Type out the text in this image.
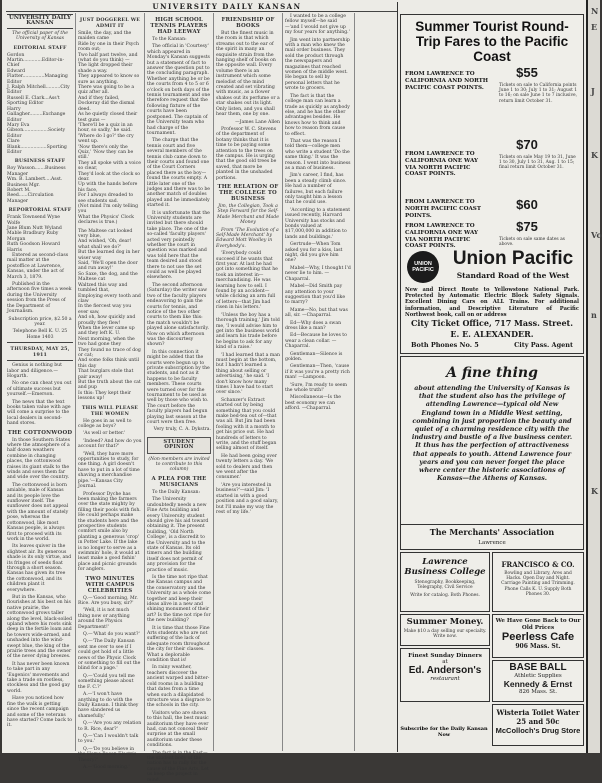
UNIVERSITY DAILY KANSAN
UNIVERSITY DAILY KANSAN

The official paper of the University of Kansas

EDITORIAL STAFF
Gordon Martin.............Editor-in-Chief
Edward Flatter...............Managing Editor
J. Ralph Mitchell..........City Editor
Russell E. Clark...Ass't Sporting Editor
Harry Gallagher.........Exchange Editor
Mary Eva Gibson.................Society Editor
Clare Blank..................Sporting Editor
BUSINESS STAFF
Roy Wasson.......Business Manager
Wm. B. Lambert....Asst. Business Mgr.
Robert M. Reed......Circulation Manager
REPORTORIAL STAFF
Frank Townsend Wyne Wolfe
Jane Blum Nutt Wyland
Mable Bradbury Ruby Morgan
Ruth Goodson Howard Harris

Entered as second-class mail matter at the postoffice at Lawrence, Kansas, under the act of March 3, 1879.

Published in the afternoon five times a week during the University session from the Press of the Department of Journalism.

Subscription price, $2.50 a year.

Telephone Bell K. U. 25 Home 1403

THURSDAY, MAY 25, 1911

Genius is nothing but labor and diligence.—Hogarth.

No one can cheat you out of ultimate success but yourself.—Emerson.

The news that the text books taken value with age will come a surprise to the local dealers in second-hand stores.

THE COTTONWOOD

In those Southern States where the atmosphere of a half dozen weathers combine in changing places, the cottonwood raises its giant stalk to the winds and sows them far and wide over the country.

The cottonwood is born amiable, male of Kansas and its people love the sunflower itself. The sunflower does not appeal with the amount of stately pose, whereas the cottonwood, like most Kansas people, is always first to proceed with its work in the world.

Its leaves quiver in the slightest air. Its generous shade is its only virtue, and its fringes of seeds float through a short season. Kansas has given its tree the cottonwood, and its children plant it everywhere.

But in the Kansas, who flourishes at his best on his native prairie, the cottonwood grows taller along the level, black-soiled upland where his roots sink deep in the fertile loam and he towers wide-armed, and unshaded into the wind-swept blue, the king of the prairie trees and the owner of the never dying breezes.

It has never been known to take part in any 'Eugenics' movements and take a trade on rootless, stockless and the good gay world.

Have you noticed how fine the walk is getting since the recent campaign and some of the veterans have started? Come back to it.

JUST DOGGEREL WE ADMIT IT
Smile, the day, and the maiden came
Ride by one in their Psych room out;
Two half past twelve, and (what do you think) —
The light dropped their shade a way.
They appeared to know so sure as anything.
There was going to be a quiz after all.
And if they failed, Dockeray did the dismal deed.
As he quietly closed their test guns —
'There'll be a quiz in an hour, so sadly,' he said.
'Where do I go?' the cry went up.
'Now there's only the Quiz,' 'Now they can be still.'
They all spoke with a voice so clear,
They'd look at the clock so dear.
Up with the hands before his face,
For I always dreaded to see students sad.
(Not mind I'm only telling you
What the Physics' Clock declares is true.)
The Maltese cat looked very blue,
And wished, 'Oh, dear! what shall we do?'
But the learned dog in her wiser way
Said, 'We'll open the door and run away!'
So Saxe, the dog, and the Maltese cat
Waltzed this way and tumbled that,
Employing every tooth and claw
In the fiercest way you ever saw,
And oh, how quickly and proudly they flew!
When the lever came up and they left K. U.
Next morning, when the two had gone they
They found no trace of dog or cat;
And some folks think until this day
That burglars stole that pair away!
But the truth about the cat and pup
Is this: They kept their lessons up!
THIS WILL PLEASE THE WOMEN

He goes in as well to college as boys?

'As well or better.'

'Indeed? And how do you account for that?'

'Well, they have more opportunities to study, for one thing. A girl doesn't have to put in a lot of time shaving a merchandise pipe.'—Kansas City Journal.

Professor Dyche has been making the farmers over the state mighty by filling their pools with fish. He could perhaps make the students here and the prospective students comfort smile also by planting a generous 'crop' in Potter Lake. If the lake is no longer to serve as a swimmin' hole, it would at least make a good fishin' place and picnic grounds for anglers.

TWO MINUTES WITH CAMPUS CELEBRITIES

Q.—'Good morning, Mr. Rice. Are you busy, sir?'

'Well, it is not much thing now or anything around the Physics Department!'

Q.—'What do you want?'

Q.—'The Daily Kansan sent me over to see if I could get hold of a little news of the Physic Clock or something to fill out the blind for a page.'

Q.—'Could you tell me something please about the F. C.?'

A.—'I won't have anything to do with the Daily Kansan. I think they have slandered us shamefully.'

Q.—'Are you any relation to R. Rice, dear?'

Q.—'Can I wouldn't talk to you.'

Q.—'Do you believe in the Home Bacon Electric Theory?'

A.—'Good morning.'

HIGH SCHOOL TENNIS PLAYERS HAD LEEWAY

To the Kansan:

The official in 'Courtesy' which appeared in Monday's Kansan suggests but a statement of fact to answer the question put to the concluding paragraph. Whether anything be or be the courts from 4 to 5 or 6 o'clock on both days of the tennis tournament and one therefore request that the following fixture of the courts have been postponed. The captain of the University team who had charge of the tournament.

The charge that the tennis court and five several members of the tennis club came down to their courts and found one of the Court Corners placed there as the boy—found the courts empty. A little later one of the judges and there was to be another match of doubles played and he immediately started it.

It is unfortunate that the University students are invited but there should take place. The one of the so-called 'faculty players' acted very pointedly whether the court in question was marked and was told here that the team desired and stood there to not use the set could as well be played elsewhere.

The second afternoon (Saturday) the writer saw two of the faculty players endeavoring to gain the courts for tennis, and notice of the two other courts to them like this: the match wouldn't be played alone satisfactorily. Now on which afternoon was the discourtesy shown?

In this connection it might be added that the courts were begun up to private subscription by the students, and not as it happens to be faculty members. These courts were turned over for the tournament to be used as well by those who wish to. The court before the faculty players had begun playing last season at the court were then free.

Very truly, C. A. Dykstra.

STUDENT OPINION

(Non-members are invited to contribute to this column)

A PLEA FOR THE MUSICIANS

To the Daily Kansan:

The University undoubtedly needs a new Fine Arts building and every University student should give his aid toward obtaining it. The present building, 'Old North College', is a discredit to the University and to the state of Kansas. Its old timers and the building itself does not permit of any provision for the practice of music.

Is the time not ripe that the Kansas campus and the conservatory and the University as a whole come together and keep their ideas alive in a new and shining monument of their art? Is the time not ripe for the new building?

It is time that those Fine Arts students who are not suffering of the lack of adequate room throughout the city for their classes. What a deplorable condition that is!

In rainy weather, teachers discover the ancient warped and bitter-cold rooms in a building that dates from a time when such a dilapidated structure was a disgrace to the schools in the city.

Visitors who are shown to this hall, the best music auditorium they have ever had, can not conceal their surprise at the small auditorium under these conditions.

The fact is in the East—the student body of the nation has to rally for the cause of the Fine Arts. Let us keep the project in mind.

FRIENDSHIP OF BOOKS

But the finest music in the room is that which streams out to the ear of the spirit in many an exquisite strain from the hanging shelf of books on the opposite wall. Every volume there is an instrument which some melodist of the mind created and set vibrating with music, as a flower shakes out its perfume or a star shakes out its light. Only listen, and you shall hear them, one by one.

—James Lane Allen

Professor W. C. Stevens of the department of botany thinks that it is time to be paying some attention to the trees on the campus. He is urging that the good old trees be saved, that more be planted in the unshaded portions.

THE RELATION OF THE COLLEGE TO BUSINESS

Jim, the Collegian, Took a Step Forward for the Self-Made Merchant and Made Money

From 'The Evolution of a Self-Made Merchant' by Edward Mott Woolley in Everybody's.

'Everybody could succeed if he wants that first year. At last he had got into something that he took an interest in—merchandising. He was learning how to sell. I found by an accident—while clicking an arm full of letters—that Jim had risen in his letters.'

'Unless the boy has a thorough training,' Jim told me, 'I would advise him to get into the business world and learn his trade before he begins to ask for any kind of a raise.'

'I had learned that a man must begin at the bottom, but I hadn't learned a thing about selling or advertising,' he said. 'I don't know how many times I have had to start over since.'

Schanzer's Extract started out by being something that you could make bed-tea out of—that was all. But Jim had been fooling with it a month to get his price out. He had hundreds of letters to write, and the stuff began selling almost of itself.

He had been going over twenty letters a day. 'We sold to dealers and then we went after the consumer.'

'Are you interested in business?'—said Jim: 'I started in with a good position and a good salary, but I'll make my way the rest of my life.'

I wanted to be a college fellow myself—he said—'and I would not give up my four years for anything.'

Jim went into partnership with a man who knew the mail order business. They sold the product through the newspapers and magazines that reached women of the middle west. He began to sell by personal letters that he wrote to grocers.

The fact is that the college man can learn a trade as quickly as anybody else, and he has the other advantages besides. He knows how to think and how to reason from cause to effect.

That was the reason I told them—college men who write a student 'Do the same thing.' It was the reason. I went into business as a man of business.

Jim's career, I find, has been a steady climb since. He had a number of failures, but each failure only taught him a lesson that he could use.

'According to a statement issued recently, Harvard University has stocks and bonds valued at $17,000,000 in addition to lands and buildings.'

Gertrude—When Tom asked you for a kiss, last night, did you give him one?

Mabel—Why, I thought I'd never lie to him. —Chaparral.

Mabel—Did Smith pay any attention to your suggestion that you'd like to marry?

Mame—No, but that was all, sir. —Chaparral.

Ed—Why does a swan dress like a man?

Ed—Because he loves to wear a clean collar. —Chaparral.

Gentleman—Silence is golden.

Gentleman—Then, 'cause if it was you're a pretty rich man! —Lampoon.

'Sure, I'm ready to seem the whole truth!'

Miscellaneous—Is the best economy we can afford. —Chaparral.

Summer Tourist Round-Trip Fares to the Pacific Coast
FROM LAWRENCE TO CALIFORNIA AND NORTH PACIFIC COAST POINTS.
$55
Tickets on sale to California points June 1 to 30; July 1 to 31; August 1 to 16; on sale June 1 to 7 inclusive, return limit October 31.
FROM LAWRENCE TO CALIFORNIA ONE WAY VIA NORTH PACIFIC COAST POINTS.
$70
Tickets on sale May 19 to 31, June 1 to 30, July 1 to 31, Aug. 1 to 15; final return limit October 31.
FROM LAWRENCE TO NORTH PACIFIC COAST POINTS.
$60
FROM LAWRENCE TO CALIFORNIA ONE WAY VIA NORTH PACIFIC COAST POINTS.
$75
Tickets on sale same dates as above.
UNION
PACIFIC
Union Pacific
Standard Road of the West
New and Direct Route to Yellowstone National Park. Protected by Automatic Electric Block Safety Signals. Excellent Dining Cars on ALL Trains. For additional information, and Descriptive Literature of Pacific Northwest book, call on or address
City Ticket Office, 717 Mass. Street.
E. E. ALEXANDER.
Both Phones No. 5	City Pass. Agent
A fine thing
about attending the University of Kansas is that the student also has the privilege of attending Lawrence—typical old New England town in a Middle West setting, combining in just proportion the beauty and quiet of a charming residence city with the industry and bustle of a live business center. It thus has the perfection of attractiveness that appeals to youth. Attend Lawrence four years and you can never forget the place where center the historic associations of Kansas—the Athens of Kansas.
The Merchants' Association
Lawrence
Lawrence Business College
Stenography, Bookkeeping, Telegraphy, Civil Service
Write for catalog. Both Phones.
FRANCISCO & CO.
Bowling and Library, Ares and Hacks. Open Day and Night. Carriage Painting and Trimming. Phone Calls K. U. Supply Both Phones 30.
Summer Money.
Make $10 a day selling our specialty. Write now.
We Have Gone Back to Our Old Prices
Peerless Cafe
906 Mass. St.
Finest Sunday Dinners
at
Ed. Anderson's
restaurant
BASE BALL
Athletic Supplies
Kennedy & Ernst
826 Mass. St.
Wisteria Toilet Water
25 and 50c
McColloch's Drug Store
Subscribe for the Daily Kansan Now
N
E
J
K
Vo
n
K
